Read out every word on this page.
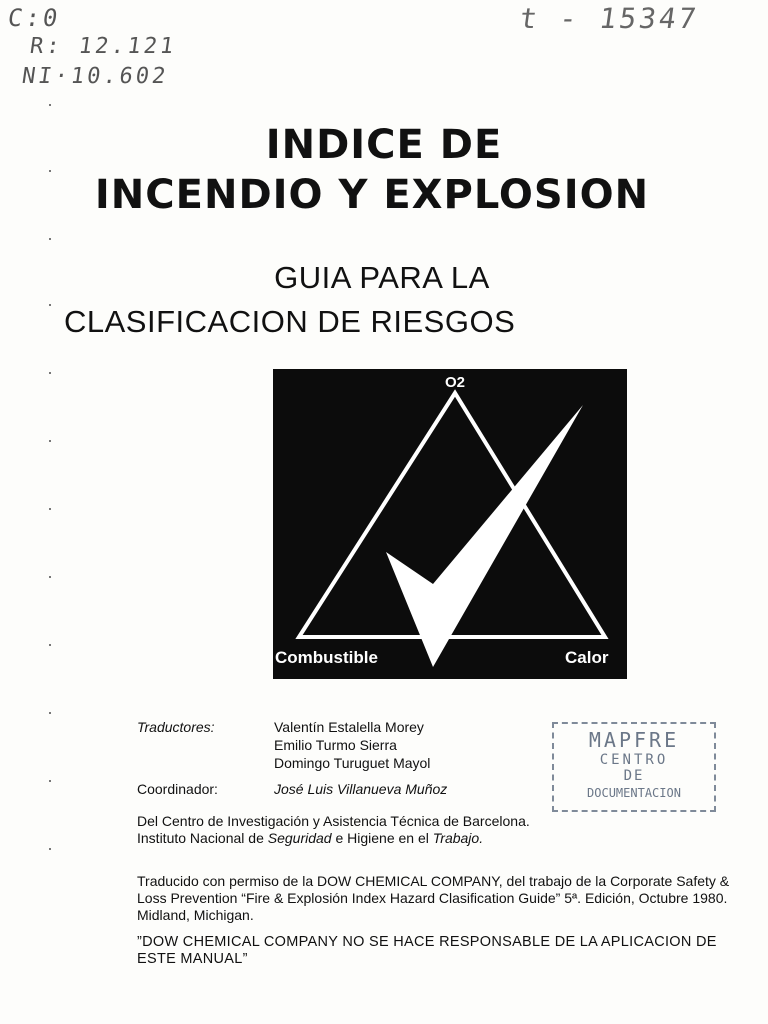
C:0
R: 12.121
NI·10.602
t - 15347
INDICE DE
INCENDIO Y EXPLOSION
GUIA PARA LA
CLASIFICACION DE RIESGOS
O2
Combustible	Calor
Traductores:	Valentín Estalella Morey
Emilio Turmo Sierra
Domingo Turuguet Mayol
Coordinador:	José Luis Villanueva Muñoz
MAPFRE
CENTRO
DE
DOCUMENTACION
Del Centro de Investigación y Asistencia Técnica de Barcelona. Instituto Nacional de Seguridad e Higiene en el Trabajo.
Traducido con permiso de la DOW CHEMICAL COMPANY, del trabajo de la Corporate Safety & Loss Prevention “Fire & Explosión Index Hazard Clasification Guide” 5ª. Edición, Octubre 1980. Midland, Michigan.
”DOW CHEMICAL COMPANY NO SE HACE RESPONSABLE DE LA APLICACION DE ESTE MANUAL”
